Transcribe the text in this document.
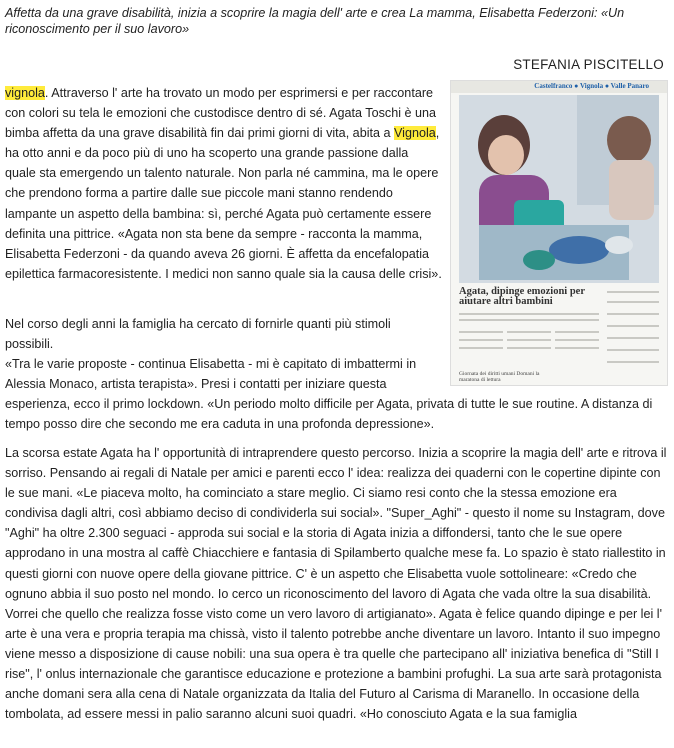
Affetta da una grave disabilità, inizia a scoprire la magia dell' arte e crea La mamma, Elisabetta Federzoni: «Un riconoscimento per il suo lavoro»
STEFANIA PISCITELLO
Castelfranco ● Vignola ● Valle Panaro
Agata, dipinge emozioni per aiutare altri bambini
Giornata dei diritti umani Domani la maratona di lettura

vignola. Attraverso l' arte ha trovato un modo per esprimersi e per raccontare con colori su tela le emozioni che custodisce dentro di sé. Agata Toschi è una bimba affetta da una grave disabilità fin dai primi giorni di vita, abita a Vignola, ha otto anni e da poco più di uno ha scoperto una grande passione dalla quale sta emergendo un talento naturale. Non parla né cammina, ma le opere che prendono forma a partire dalle sue piccole mani stanno rendendo lampante un aspetto della bambina: sì, perché Agata può certamente essere definita una pittrice. «Agata non sta bene da sempre - racconta la mamma, Elisabetta Federzoni - da quando aveva 26 giorni. È affetta da encefalopatia epilettica farmacoresistente. I medici non sanno quale sia la causa delle crisi».

Nel corso degli anni la famiglia ha cercato di fornirle quanti più stimoli possibili.

«Tra le varie proposte - continua Elisabetta - mi è capitato di imbattermi in Alessia Monaco, artista terapista». Presi i contatti per iniziare questa

esperienza, ecco il primo lockdown. «Un periodo molto difficile per Agata, privata di tutte le sue routine. A distanza di tempo posso dire che secondo me era caduta in una profonda depressione».

La scorsa estate Agata ha l' opportunità di intraprendere questo percorso. Inizia a scoprire la magia dell' arte e ritrova il sorriso. Pensando ai regali di Natale per amici e parenti ecco l' idea: realizza dei quaderni con le copertine dipinte con le sue mani. «Le piaceva molto, ha cominciato a stare meglio. Ci siamo resi conto che la stessa emozione era condivisa dagli altri, così abbiamo deciso di condividerla sui social». "Super_Aghi" - questo il nome su Instagram, dove "Aghi" ha oltre 2.300 seguaci - approda sui social e la storia di Agata inizia a diffondersi, tanto che le sue opere approdano in una mostra al caffè Chiacchiere e fantasia di Spilamberto qualche mese fa. Lo spazio è stato riallestito in questi giorni con nuove opere della giovane pittrice. C' è un aspetto che Elisabetta vuole sottolineare: «Credo che ognuno abbia il suo posto nel mondo. Io cerco un riconoscimento del lavoro di Agata che vada oltre la sua disabilità. Vorrei che quello che realizza fosse visto come un vero lavoro di artigianato». Agata è felice quando dipinge e per lei l' arte è una vera e propria terapia ma chissà, visto il talento potrebbe anche diventare un lavoro. Intanto il suo impegno viene messo a disposizione di cause nobili: una sua opera è tra quelle che partecipano all' iniziativa benefica di "Still I rise", l' onlus internazionale che garantisce educazione e protezione a bambini profughi. La sua arte sarà protagonista anche domani sera alla cena di Natale organizzata da Italia del Futuro al Carisma di Maranello. In occasione della tombolata, ad essere messi in palio saranno alcuni suoi quadri. «Ho conosciuto Agata e la sua famiglia
